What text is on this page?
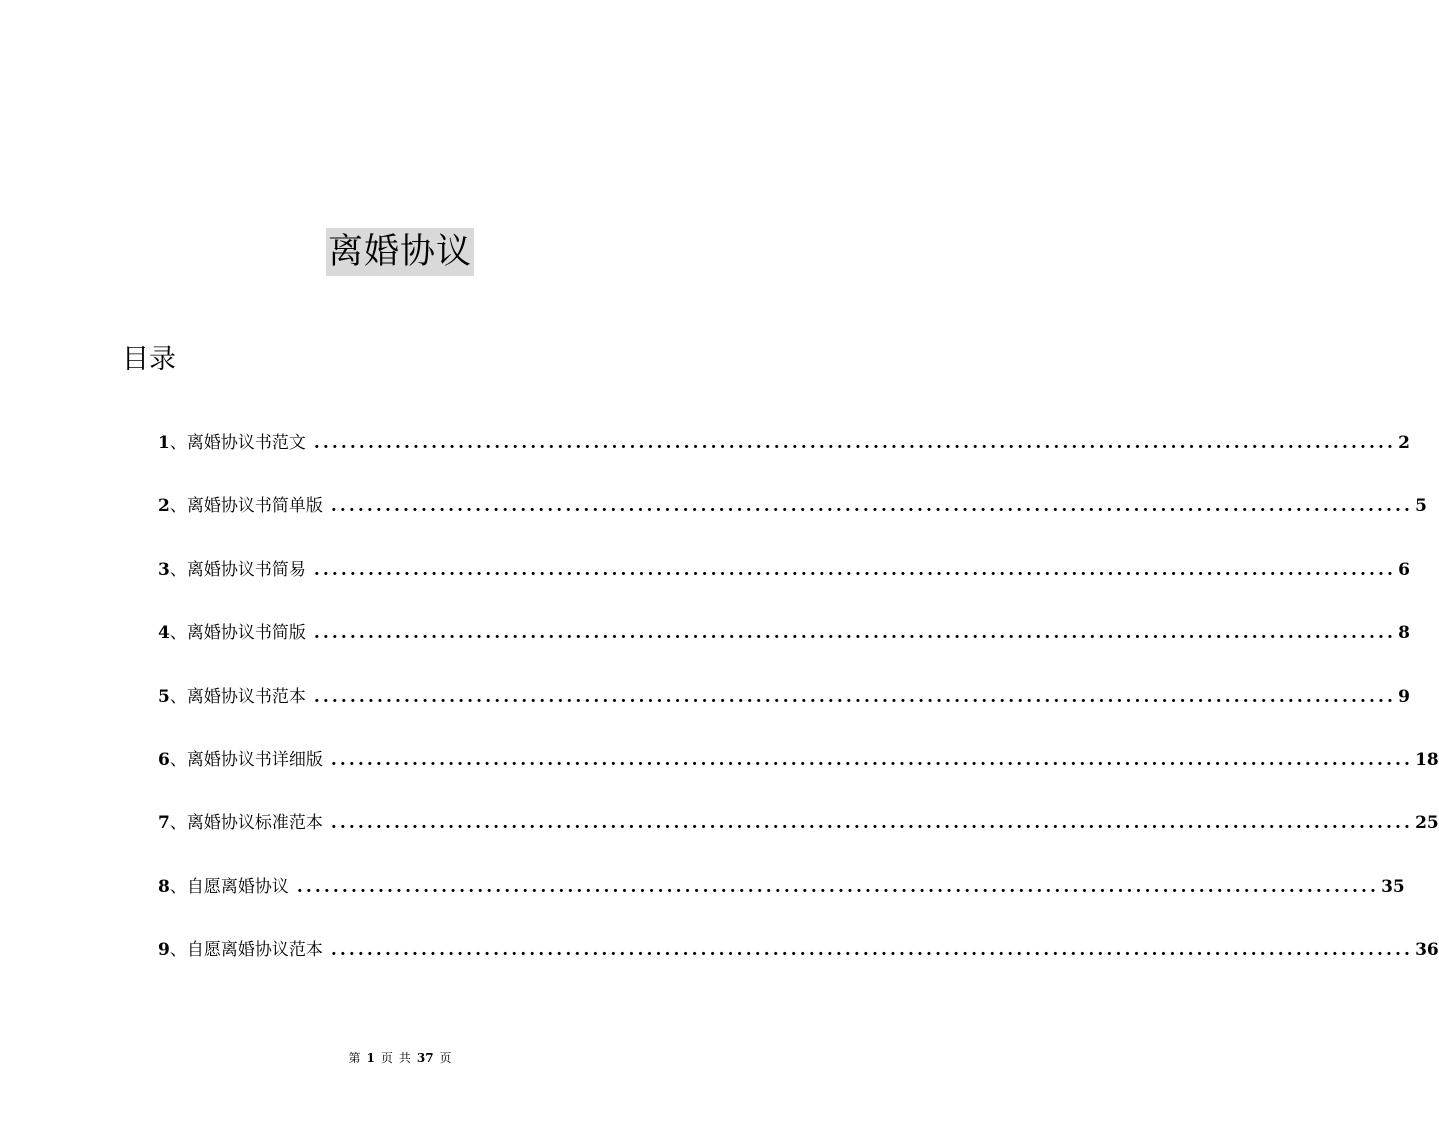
离婚协议
目录
1 、 离婚协议书范文 ........................................................................................................................ 2
2 、 离婚协议书简单版 ........................................................................................................................ 5
3 、 离婚协议书简易 ........................................................................................................................ 6
4 、 离婚协议书简版 ........................................................................................................................ 8
5 、 离婚协议书范本 ........................................................................................................................ 9
6 、 离婚协议书详细版 ........................................................................................................................ 18
7 、 离婚协议标准范本 ........................................................................................................................ 25
8 、 自愿离婚协议 ........................................................................................................................ 35
9 、 自愿离婚协议范本 ........................................................................................................................ 36
第 1 页 共 37 页
